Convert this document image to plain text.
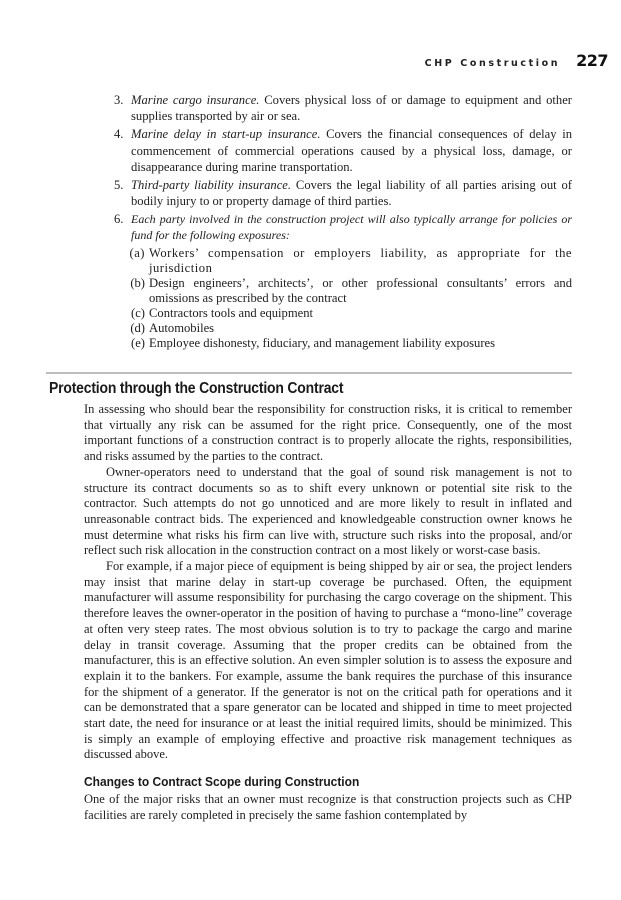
CHP Construction 227
3. Marine cargo insurance. Covers physical loss of or damage to equipment and other supplies transported by air or sea.
4. Marine delay in start-up insurance. Covers the financial consequences of delay in commencement of commercial operations caused by a physical loss, damage, or disappearance during marine transportation.
5. Third-party liability insurance. Covers the legal liability of all parties arising out of bodily injury to or property damage of third parties.
6. Each party involved in the construction project will also typically arrange for policies or fund for the following exposures:
(a) Workers’ compensation or employers liability, as appropriate for the jurisdiction
(b) Design engineers’, architects’, or other professional consultants’ errors and omissions as prescribed by the contract
(c) Contractors tools and equipment
(d) Automobiles
(e) Employee dishonesty, fiduciary, and management liability exposures
Protection through the Construction Contract

In assessing who should bear the responsibility for construction risks, it is critical to remember that virtually any risk can be assumed for the right price. Consequently, one of the most important functions of a construction contract is to properly allocate the rights, responsibilities, and risks assumed by the parties to the contract.

Owner-operators need to understand that the goal of sound risk management is not to structure its contract documents so as to shift every unknown or potential site risk to the contractor. Such attempts do not go unnoticed and are more likely to result in inflated and unreasonable contract bids. The experienced and knowledgeable construction owner knows he must determine what risks his firm can live with, structure such risks into the proposal, and/or reflect such risk allocation in the construction contract on a most likely or worst-case basis.

For example, if a major piece of equipment is being shipped by air or sea, the project lenders may insist that marine delay in start-up coverage be purchased. Often, the equipment manufacturer will assume responsibility for purchasing the cargo coverage on the shipment. This therefore leaves the owner-operator in the position of having to purchase a “mono-line” coverage at often very steep rates. The most obvious solution is to try to package the cargo and marine delay in transit coverage. Assuming that the proper credits can be obtained from the manufacturer, this is an effective solution. An even simpler solution is to assess the exposure and explain it to the bankers. For example, assume the bank requires the purchase of this insurance for the shipment of a generator. If the generator is not on the critical path for operations and it can be demonstrated that a spare generator can be located and shipped in time to meet projected start date, the need for insurance or at least the initial required limits, should be minimized. This is simply an example of employing effective and proactive risk management techniques as discussed above.

Changes to Contract Scope during Construction

One of the major risks that an owner must recognize is that construction projects such as CHP facilities are rarely completed in precisely the same fashion contemplated by
